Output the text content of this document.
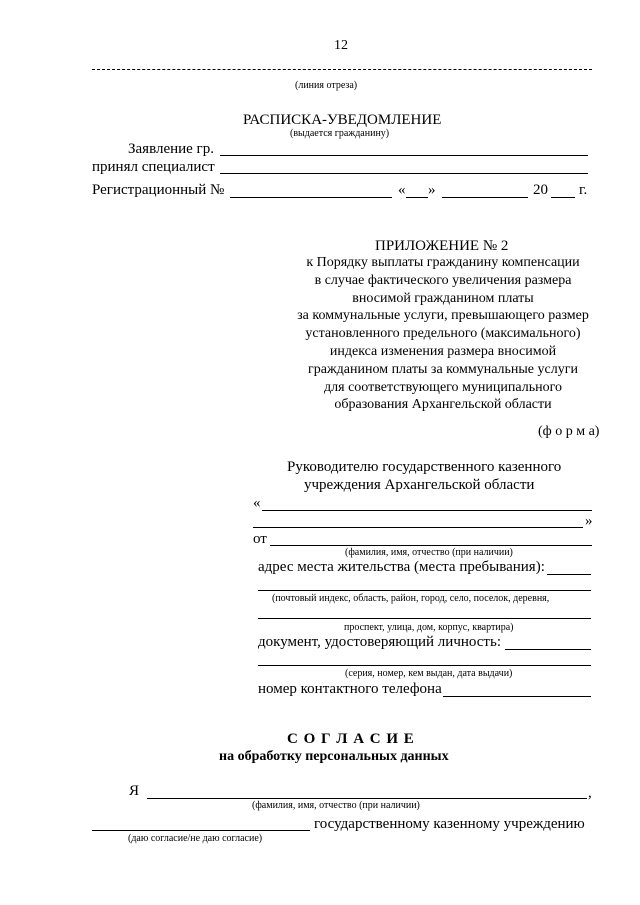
12
(линия отреза)
РАСПИСКА-УВЕДОМЛЕНИЕ
(выдается гражданину)
Заявление гр.
принял специалист
Регистрационный №	« »	20 г.
ПРИЛОЖЕНИЕ № 2
к Порядку выплаты гражданину компенсации
в случае фактического увеличения размера
вносимой гражданином платы
за коммунальные услуги, превышающего размер
установленного предельного (максимального)
индекса изменения размера вносимой
гражданином платы за коммунальные услуги
для соответствующего муниципального
образования Архангельской области
(ф о р м а)
Руководителю государственного казенного
учреждения Архангельской области
«
»
от
(фамилия, имя, отчество (при наличии)
адрес места жительства (места пребывания):
(почтовый индекс, область, район, город, село, поселок, деревня,
проспект, улица, дом, корпус, квартира)
документ, удостоверяющий личность:
(серия, номер, кем выдан, дата выдачи)
номер контактного телефона
С О Г Л А С И Е
на обработку персональных данных
Я	,
(фамилия, имя, отчество (при наличии)
государственному казенному учреждению
(даю согласие/не даю согласие)
